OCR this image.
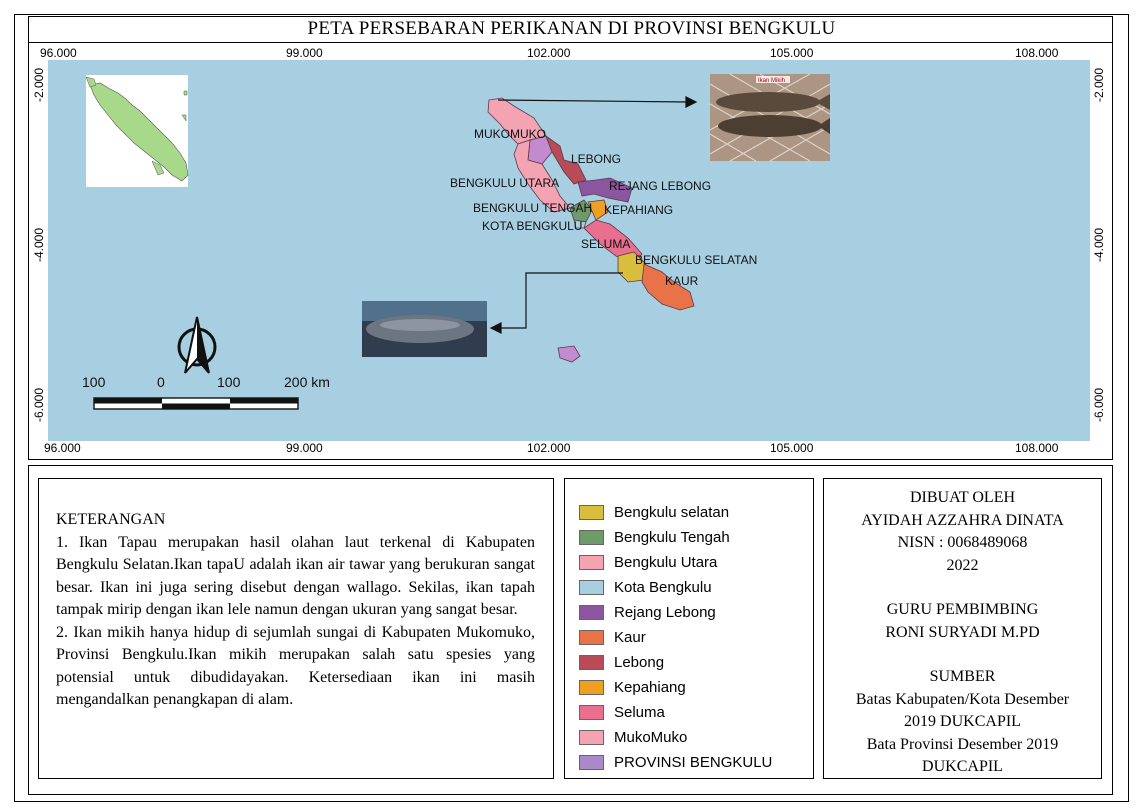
PETA PERSEBARAN PERIKANAN DI PROVINSI BENGKULU
96.000	99.000	102.000	105.000	108.000
96.000	99.000	102.000	105.000	108.000
-2.000
-4.000
-6.000
-2.000
-4.000
-6.000
MUKOMUKO
LEBONG
BENGKULU UTARA	REJANG LEBONG
BENGKULU TENGAH KEPAHIANG
KOTA BENGKULU
SELUMA
BENGKULU SELATAN
KAUR
Ikan Mikih
100	0	100	200 km

KETERANGAN

1. Ikan Tapau merupakan hasil olahan laut terkenal di Kabupaten Bengkulu Selatan.Ikan tapaU adalah ikan air tawar yang berukuran sangat besar. Ikan ini juga sering disebut dengan wallago. Sekilas, ikan tapah tampak mirip dengan ikan lele namun dengan ukuran yang sangat besar.

2. Ikan mikih hanya hidup di sejumlah sungai di Kabupaten Mukomuko, Provinsi Bengkulu.Ikan mikih merupakan salah satu spesies yang potensial untuk dibudidayakan. Ketersediaan ikan ini masih mengandalkan penangkapan di alam.

Bengkulu selatan
Bengkulu Tengah
Bengkulu Utara
Kota Bengkulu
Rejang Lebong
Kaur
Lebong
Kepahiang
Seluma
MukoMuko
PROVINSI BENGKULU

DIBUAT OLEH

AYIDAH AZZAHRA DINATA

NISN : 0068489068

2022

GURU PEMBIMBING

RONI SURYADI M.PD

SUMBER

Batas Kabupaten/Kota Desember

2019 DUKCAPIL

Bata Provinsi Desember 2019

DUKCAPIL
